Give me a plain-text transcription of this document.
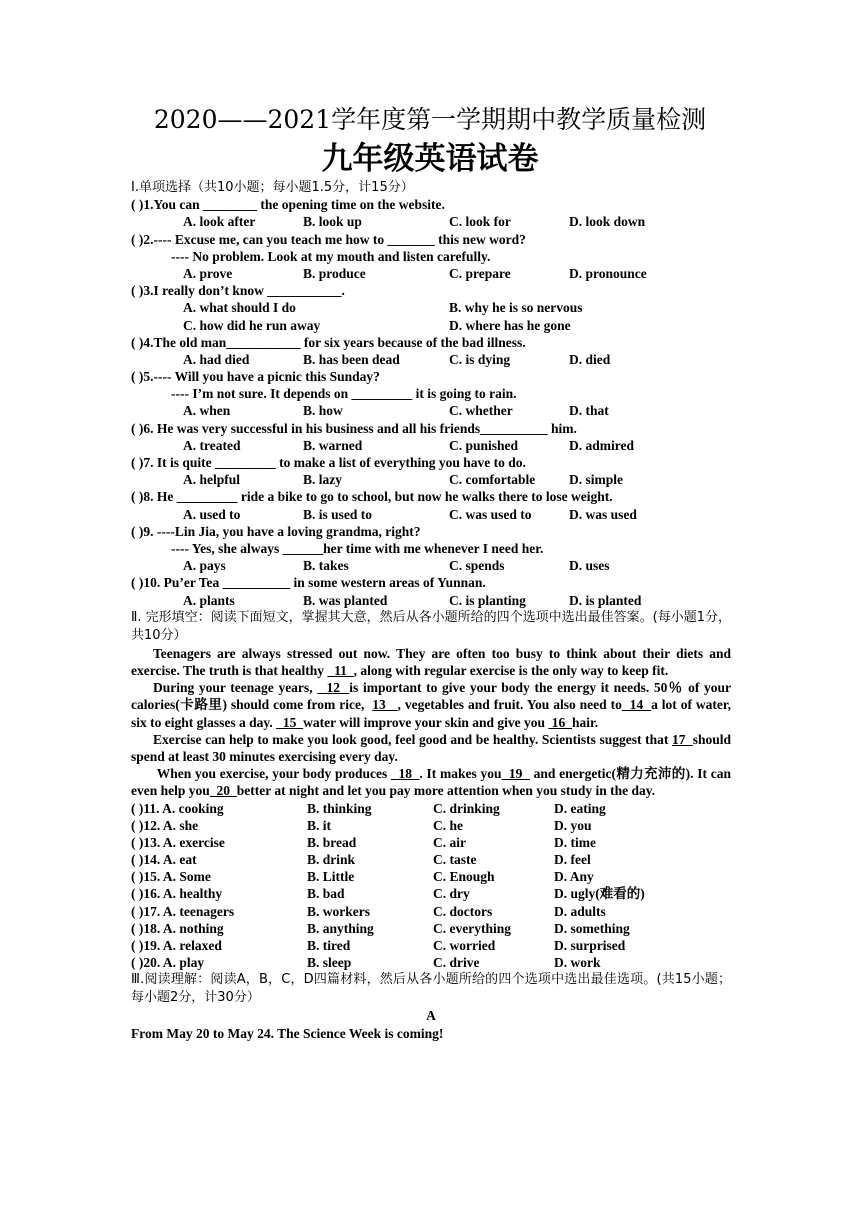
2020——2021学年度第一学期期中教学质量检测
九年级英语试卷
Ⅰ.单项选择（共10小题；每小题1.5分，计15分）
( )1.You can ________ the opening time on the website.
A. look after	B. look up	C. look for	D. look down
( )2.---- Excuse me, can you teach me how to _______ this new word?
---- No problem. Look at my mouth and listen carefully.
A. prove	B. produce	C. prepare	D. pronounce
( )3.I really don’t know ___________.
A. what should I do	B. why he is so nervous
C. how did he run away	D. where has he gone
( )4.The old man___________ for six years because of the bad illness.
A. had died	B. has been dead	C. is dying	D. died
( )5.---- Will you have a picnic this Sunday?
---- I’m not sure. It depends on _________ it is going to rain.
A. when	B. how	C. whether	D. that
( )6. He was very successful in his business and all his friends__________ him.
A. treated	B. warned	C. punished	D. admired
( )7. It is quite _________ to make a list of everything you have to do.
A. helpful	B. lazy	C. comfortable	D. simple
( )8. He _________ ride a bike to go to school, but now he walks there to lose weight.
A. used to	B. is used to	C. was used to	D. was used
( )9. ----Lin Jia, you have a loving grandma, right?
---- Yes, she always ______her time with me whenever I need her.
A. pays	B. takes	C. spends	D. uses
( )10. Pu’er Tea __________ in some western areas of Yunnan.
A. plants	B. was planted	C. is planting	D. is planted
Ⅱ. 完形填空：阅读下面短文，掌握其大意，然后从各小题所给的四个选项中选出最佳答案。(每小题1分，共10分）
Teenagers are always stressed out now. They are often too busy to think about their diets and exercise. The truth is that healthy   11  , along with regular exercise is the only way to keep fit.
During your teenage years,   12  is important to give your body the energy it needs. 50％ of your calories(卡路里) should come from rice,  13   , vegetables and fruit. You also need to  14  a lot of water, six to eight glasses a day.   15  water will improve your skin and give you  16  hair.
Exercise can help to make you look good, feel good and be healthy. Scientists suggest that 17  should spend at least 30 minutes exercising every day.
When you exercise, your body produces   18  . It makes you  19   and energetic(精力充沛的). It can even help you  20  better at night and let you pay more attention when you study in the day.
( )11. A. cooking	B. thinking	C. drinking	D. eating
( )12. A. she	B. it	C. he	D. you
( )13. A. exercise	B. bread	C. air	D. time
( )14. A. eat	B. drink	C. taste	D. feel
( )15. A. Some	B. Little	C. Enough	D. Any
( )16. A. healthy	B. bad	C. dry	D. ugly(难看的)
( )17. A. teenagers	B. workers	C. doctors	D. adults
( )18. A. nothing	B. anything	C. everything	D. something
( )19. A. relaxed	B. tired	C. worried	D. surprised
( )20. A. play	B. sleep	C. drive	D. work
Ⅲ.阅读理解：阅读A，B，C，D四篇材料，然后从各小题所给的四个选项中选出最佳选项。(共15小题；每小题2分，计30分）
A
From May 20 to May 24. The Science Week is coming!
